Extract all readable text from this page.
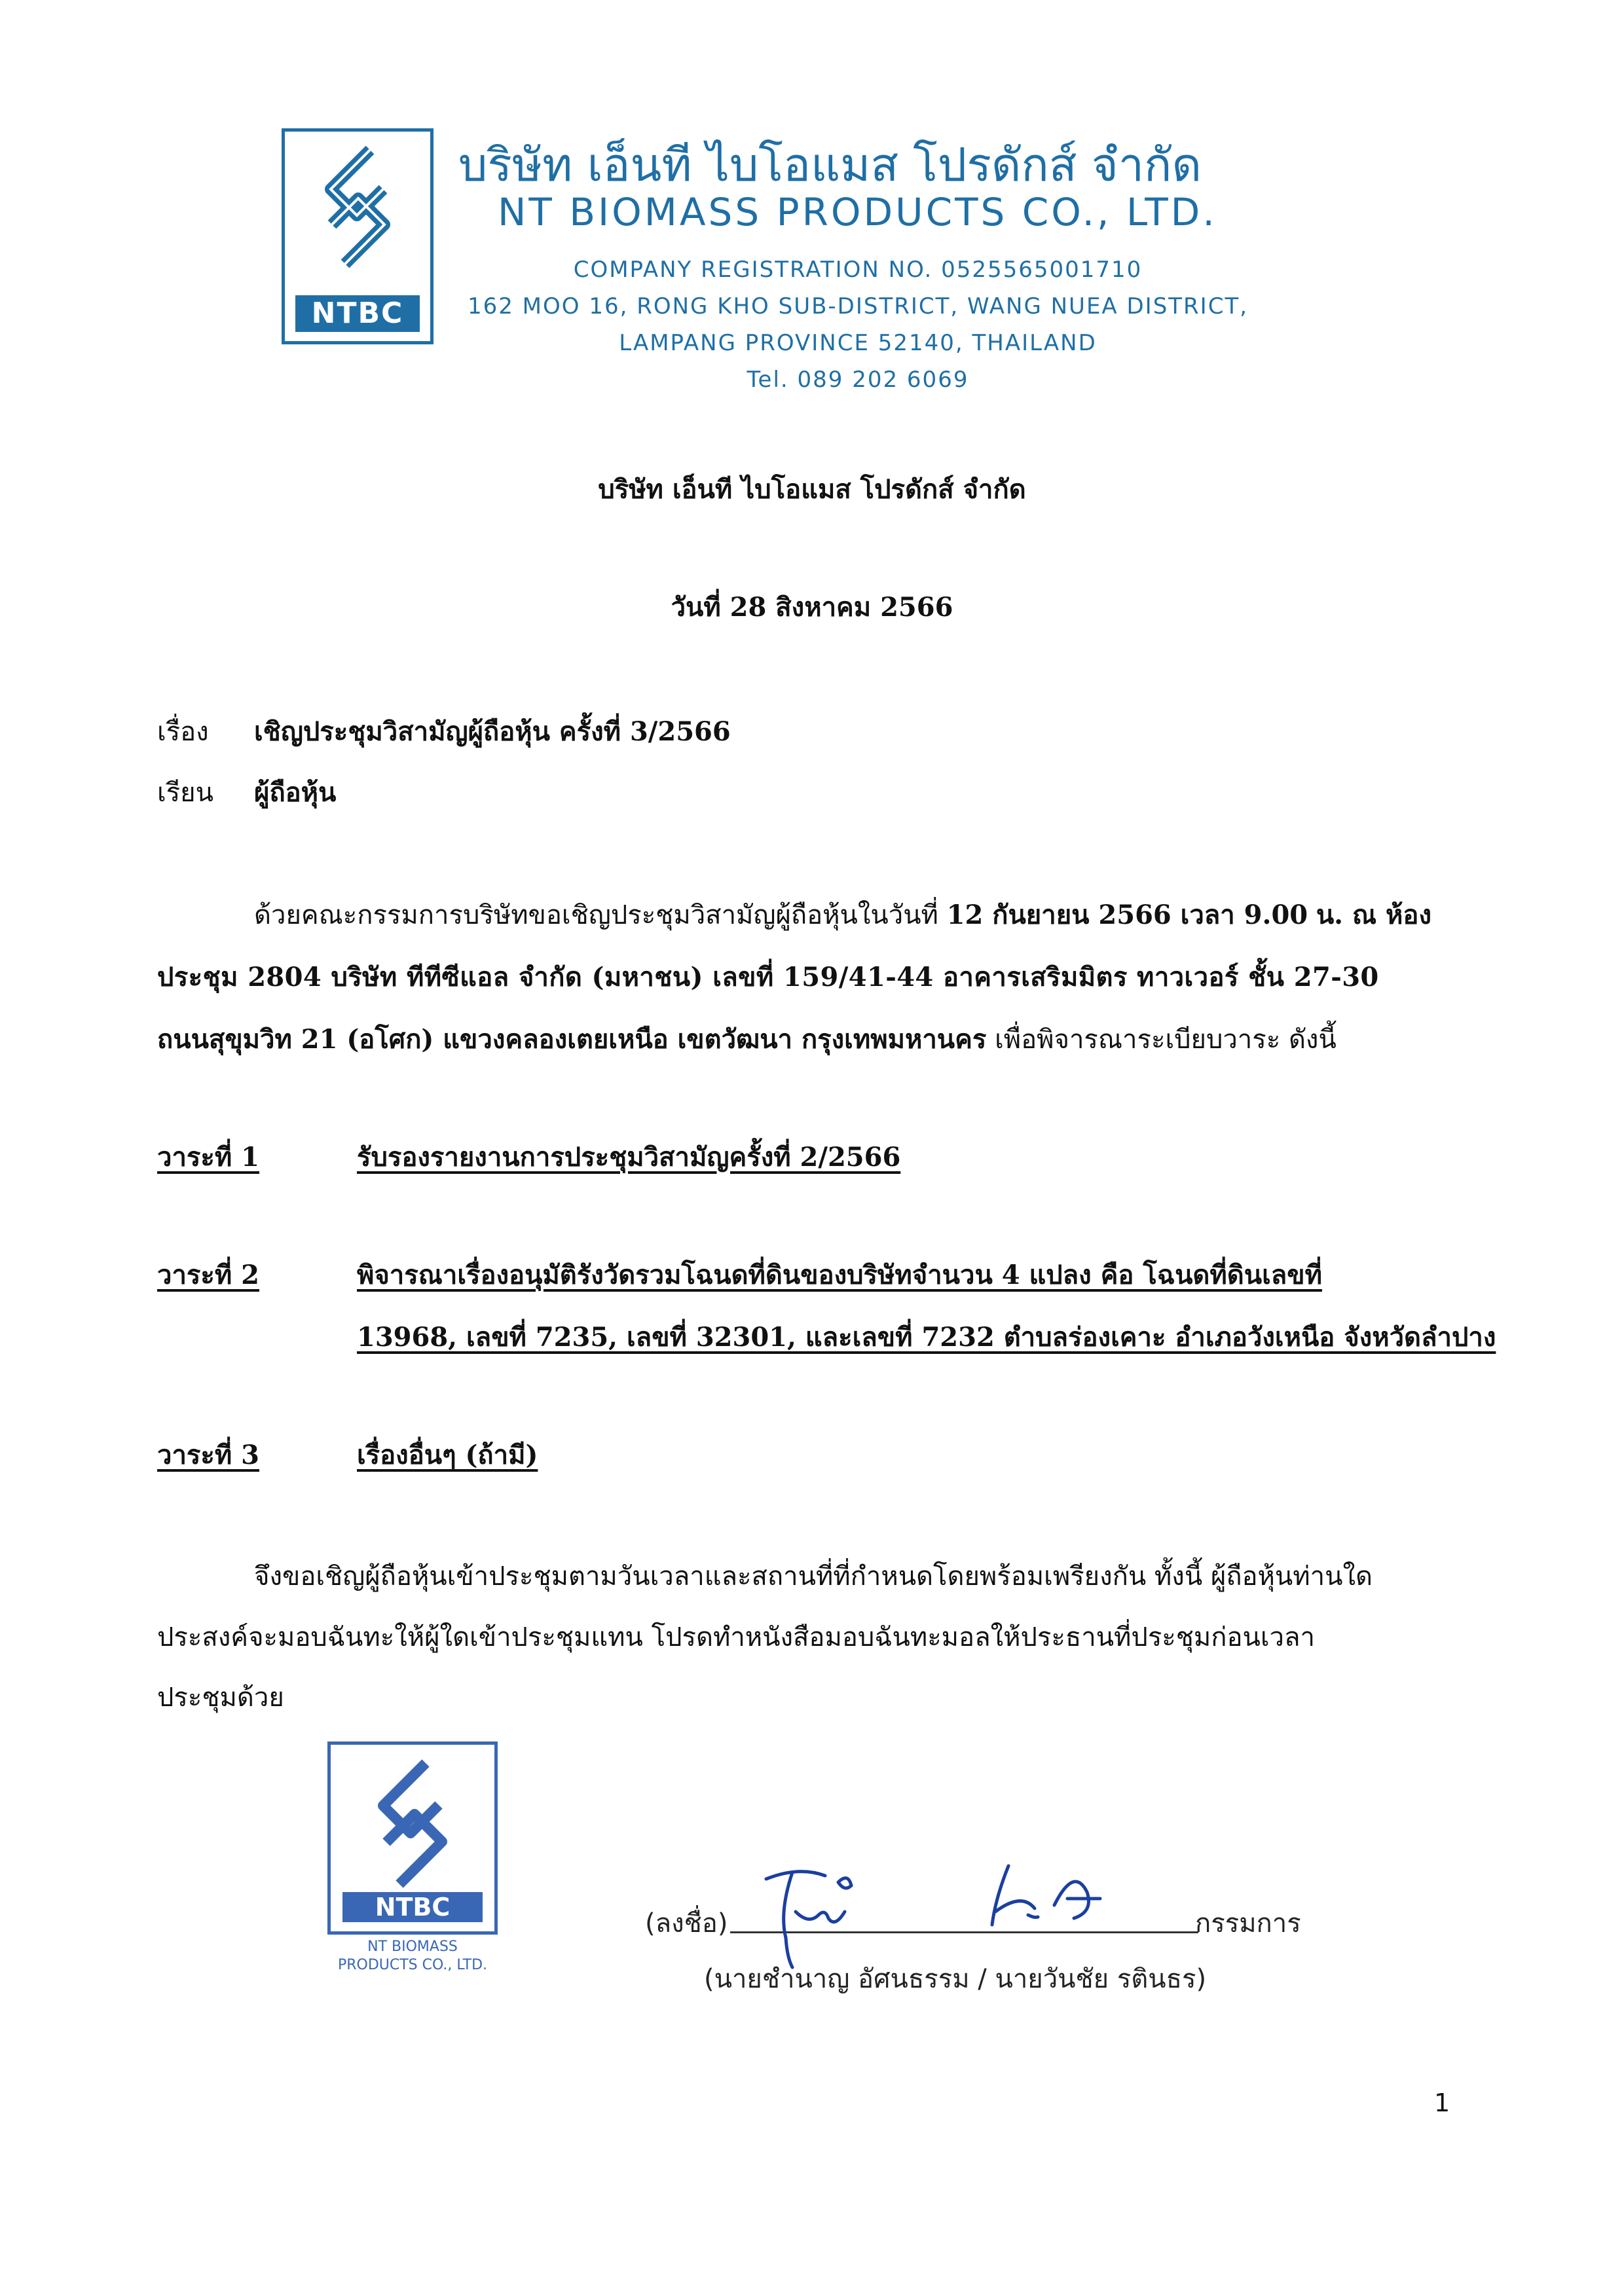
NTBC
บริษัท เอ็นที ไบโอแมส โปรดักส์ จำกัด
NT BIOMASS PRODUCTS CO., LTD.
COMPANY REGISTRATION NO. 0525565001710
162 MOO 16, RONG KHO SUB-DISTRICT, WANG NUEA DISTRICT,
LAMPANG PROVINCE 52140, THAILAND
Tel. 089 202 6069
บริษัท เอ็นที ไบโอแมส โปรดักส์ จำกัด
วันที่ 28 สิงหาคม 2566
เรื่อง เชิญประชุมวิสามัญผู้ถือหุ้น ครั้งที่ 3/2566
เรียน ผู้ถือหุ้น
ด้วยคณะกรรมการบริษัทขอเชิญประชุมวิสามัญผู้ถือหุ้นในวันที่ 12 กันยายน 2566 เวลา 9.00 น. ณ ห้อง
ประชุม 2804 บริษัท ทีทีซีแอล จำกัด (มหาชน) เลขที่ 159/41-44 อาคารเสริมมิตร ทาวเวอร์ ชั้น 27-30
ถนนสุขุมวิท 21 (อโศก) แขวงคลองเตยเหนือ เขตวัฒนา กรุงเทพมหานคร เพื่อพิจารณาระเบียบวาระ ดังนี้
วาระที่ 1	รับรองรายงานการประชุมวิสามัญครั้งที่ 2/2566
วาระที่ 2	พิจารณาเรื่องอนุมัติรังวัดรวมโฉนดที่ดินของบริษัทจำนวน 4 แปลง คือ โฉนดที่ดินเลขที่
13968, เลขที่ 7235, เลขที่ 32301, และเลขที่ 7232 ตำบลร่องเคาะ อำเภอวังเหนือ จังหวัดลำปาง
วาระที่ 3	เรื่องอื่นๆ (ถ้ามี)
จึงขอเชิญผู้ถือหุ้นเข้าประชุมตามวันเวลาและสถานที่ที่กำหนดโดยพร้อมเพรียงกัน ทั้งนี้ ผู้ถือหุ้นท่านใด
ประสงค์จะมอบฉันทะให้ผู้ใดเข้าประชุมแทน โปรดทำหนังสือมอบฉันทะมอลให้ประธานที่ประชุมก่อนเวลา
ประชุมด้วย
NTBC
NT BIOMASS
PRODUCTS CO., LTD.
(ลงชื่อ)	กรรมการ
(นายชำนาญ อัศนธรรม / นายวันชัย รตินธร)
1
